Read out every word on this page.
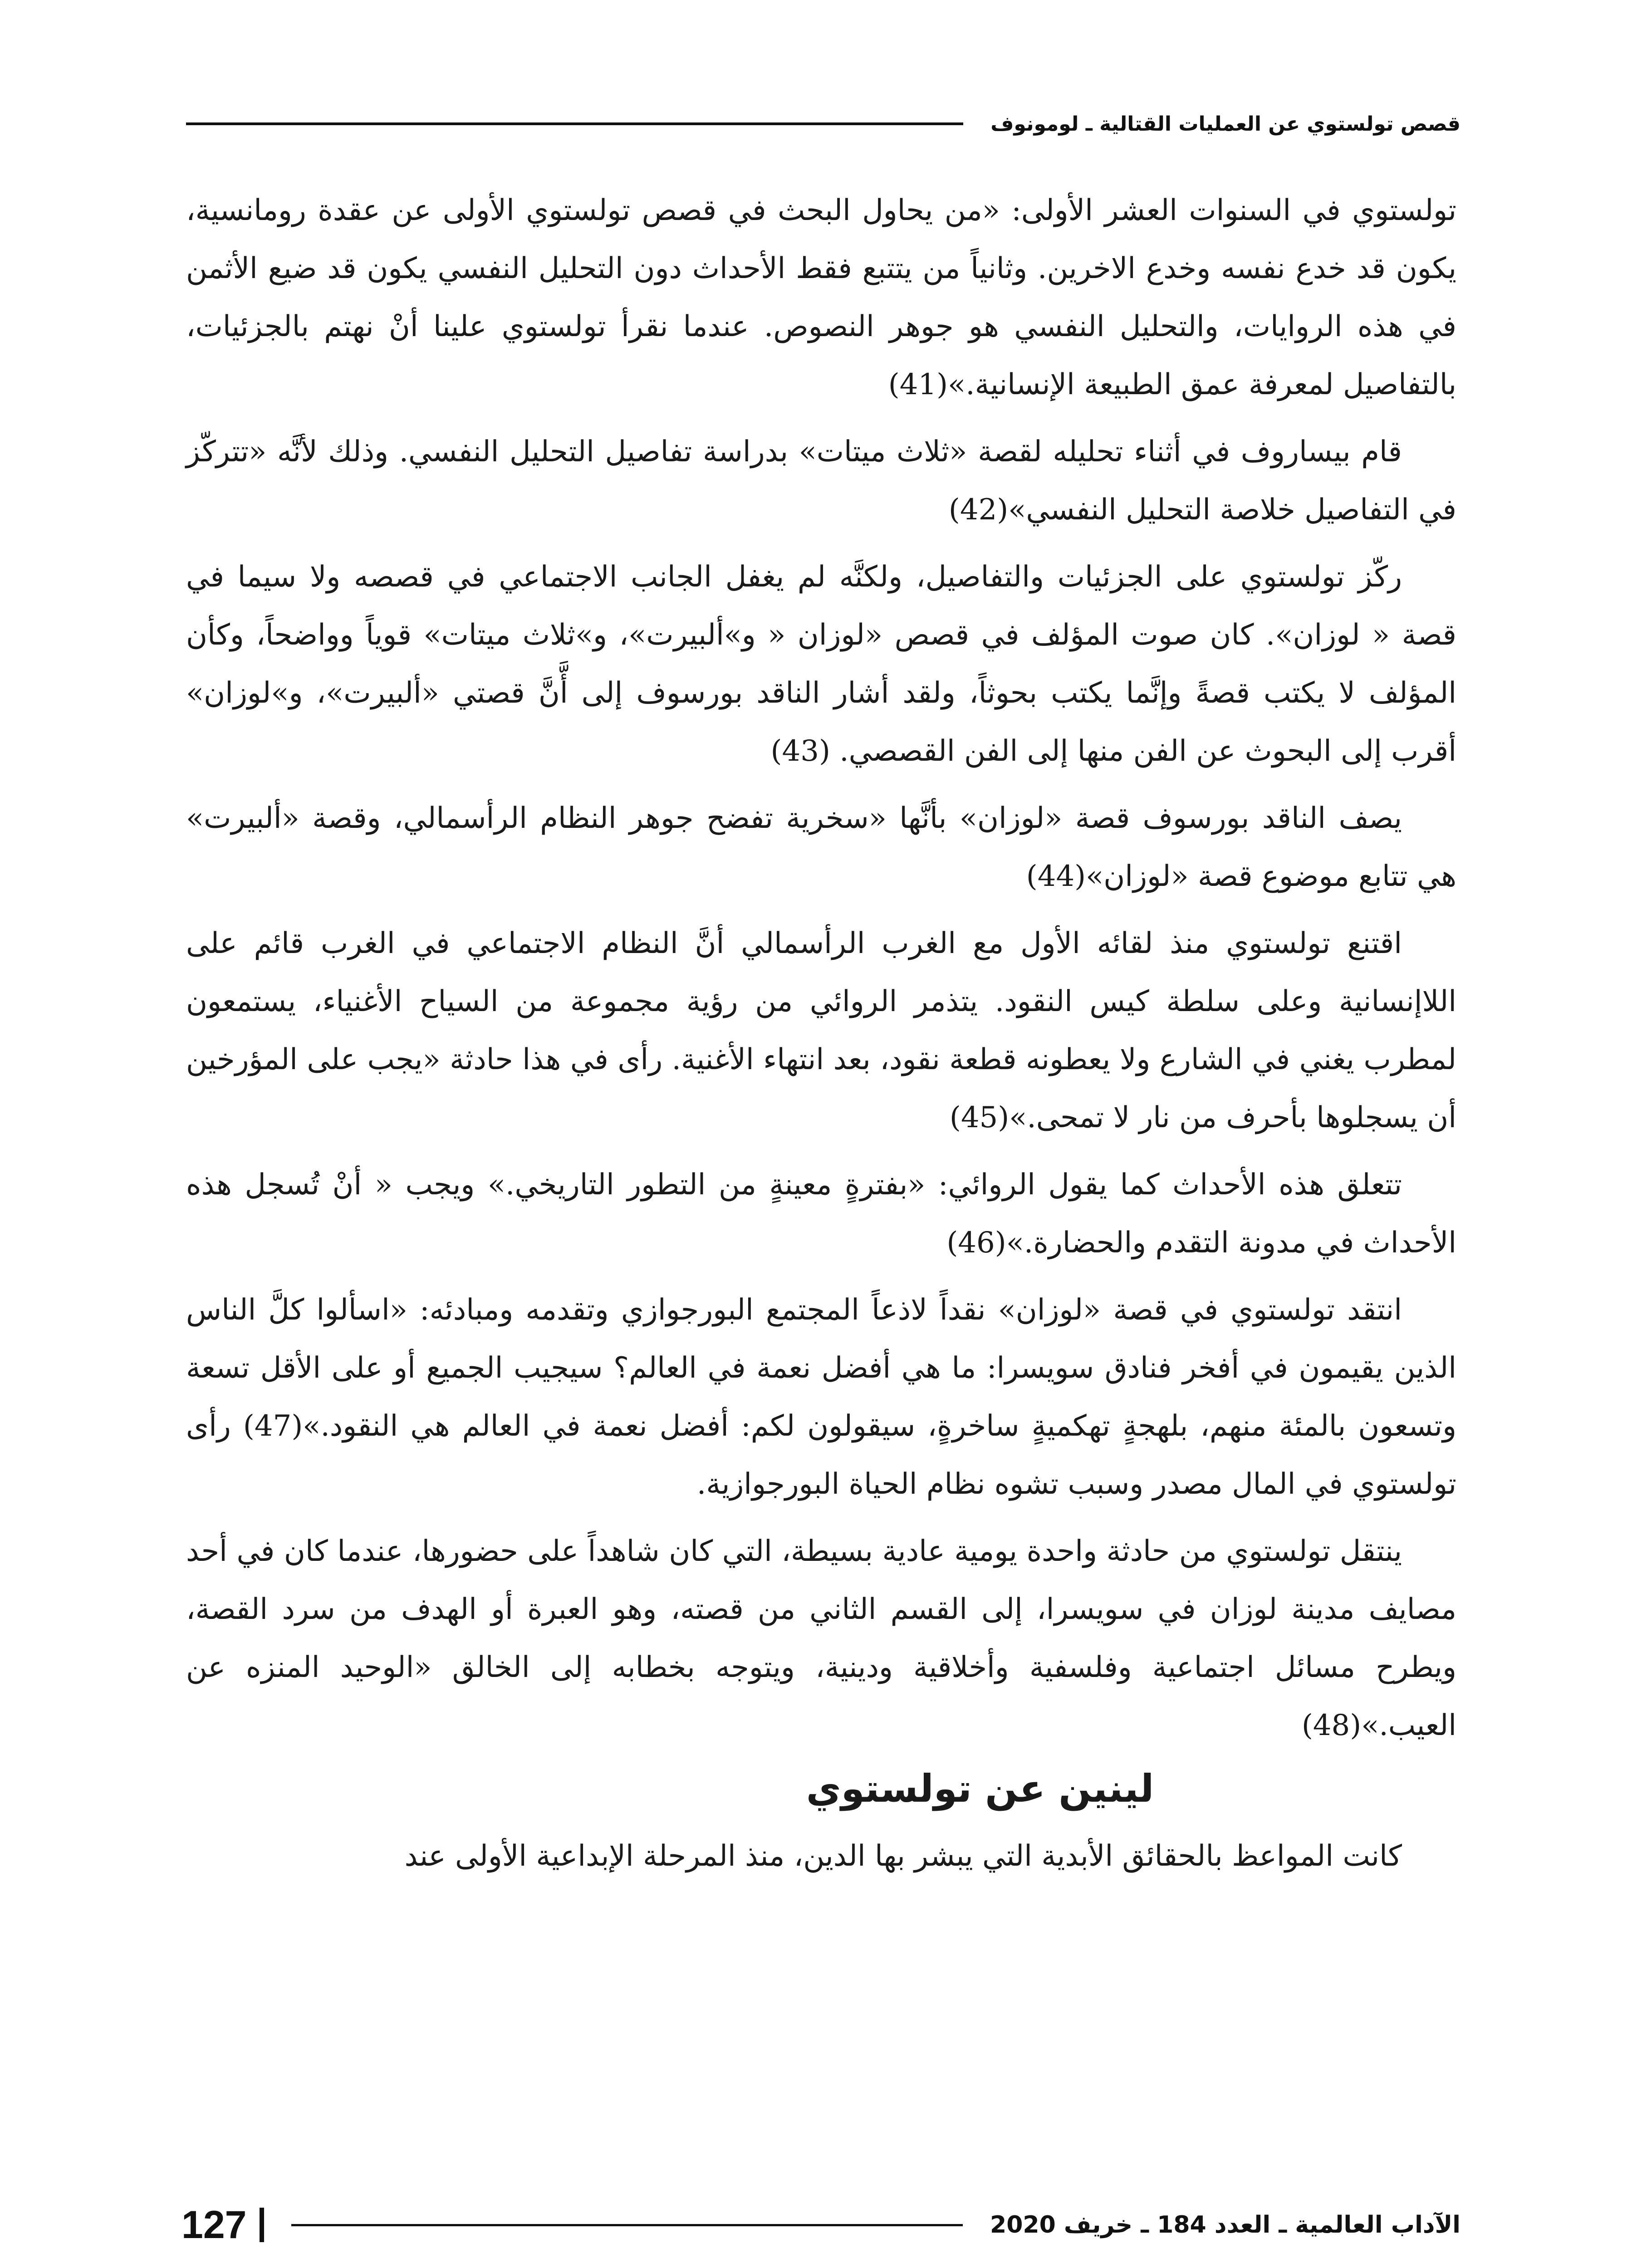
قصص تولستوي عن العمليات القتالية ـ لومونوف

تولستوي في السنوات العشر الأولى: «من يحاول البحث في قصص تولستوي الأولى عن عقدة رومانسية، يكون قد خدع نفسه وخدع الاخرين. وثانياً من يتتبع فقط الأحداث دون التحليل النفسي يكون قد ضيع الأثمن في هذه الروايات، والتحليل النفسي هو جوهر النصوص. عندما نقرأ تولستوي علينا أنْ نهتم بالجزئيات، بالتفاصيل لمعرفة عمق الطبيعة الإنسانية.»(41)

قام بيساروف في أثناء تحليله لقصة «ثلاث ميتات» بدراسة تفاصيل التحليل النفسي. وذلك لأنَّه «تتركّز في التفاصيل خلاصة التحليل النفسي»(42)

ركّز تولستوي على الجزئيات والتفاصيل، ولكنَّه لم يغفل الجانب الاجتماعي في قصصه ولا سيما في قصة « لوزان». كان صوت المؤلف في قصص «لوزان « و»ألبيرت»، و»ثلاث ميتات» قوياً وواضحاً، وكأن المؤلف لا يكتب قصةً وإنَّما يكتب بحوثاً، ولقد أشار الناقد بورسوف إلى أَّنَّ قصتي «ألبيرت»، و»لوزان» أقرب إلى البحوث عن الفن منها إلى الفن القصصي. (43)

يصف الناقد بورسوف قصة «لوزان» بأنَّها «سخرية تفضح جوهر النظام الرأسمالي، وقصة «ألبيرت» هي تتابع موضوع قصة «لوزان»(44)

اقتنع تولستوي منذ لقائه الأول مع الغرب الرأسمالي أنَّ النظام الاجتماعي في الغرب قائم على اللاإنسانية وعلى سلطة كيس النقود. يتذمر الروائي من رؤية مجموعة من السياح الأغنياء، يستمعون لمطرب يغني في الشارع ولا يعطونه قطعة نقود، بعد انتهاء الأغنية. رأى في هذا حادثة «يجب على المؤرخين أن يسجلوها بأحرف من نار لا تمحى.»(45)

تتعلق هذه الأحداث كما يقول الروائي: «بفترةٍ معينةٍ من التطور التاريخي.» ويجب « أنْ تُسجل هذه الأحداث في مدونة التقدم والحضارة.»(46)

انتقد تولستوي في قصة «لوزان» نقداً لاذعاً المجتمع البورجوازي وتقدمه ومبادئه: «اسألوا كلَّ الناس الذين يقيمون في أفخر فنادق سويسرا: ما هي أفضل نعمة في العالم؟ سيجيب الجميع أو على الأقل تسعة وتسعون بالمئة منهم، بلهجةٍ تهكميةٍ ساخرةٍ، سيقولون لكم: أفضل نعمة في العالم هي النقود.»(47) رأى تولستوي في المال مصدر وسبب تشوه نظام الحياة البورجوازية.

ينتقل تولستوي من حادثة واحدة يومية عادية بسيطة، التي كان شاهداً على حضورها، عندما كان في أحد مصايف مدينة لوزان في سويسرا، إلى القسم الثاني من قصته، وهو العبرة أو الهدف من سرد القصة، ويطرح مسائل اجتماعية وفلسفية وأخلاقية ودينية، ويتوجه بخطابه إلى الخالق «الوحيد المنزه عن العيب.»(48)

لينين عن تولستوي

كانت المواعظ بالحقائق الأبدية التي يبشر بها الدين، منذ المرحلة الإبداعية الأولى عند

الآداب العالمية ـ العدد 184 ـ خريف 2020
127
